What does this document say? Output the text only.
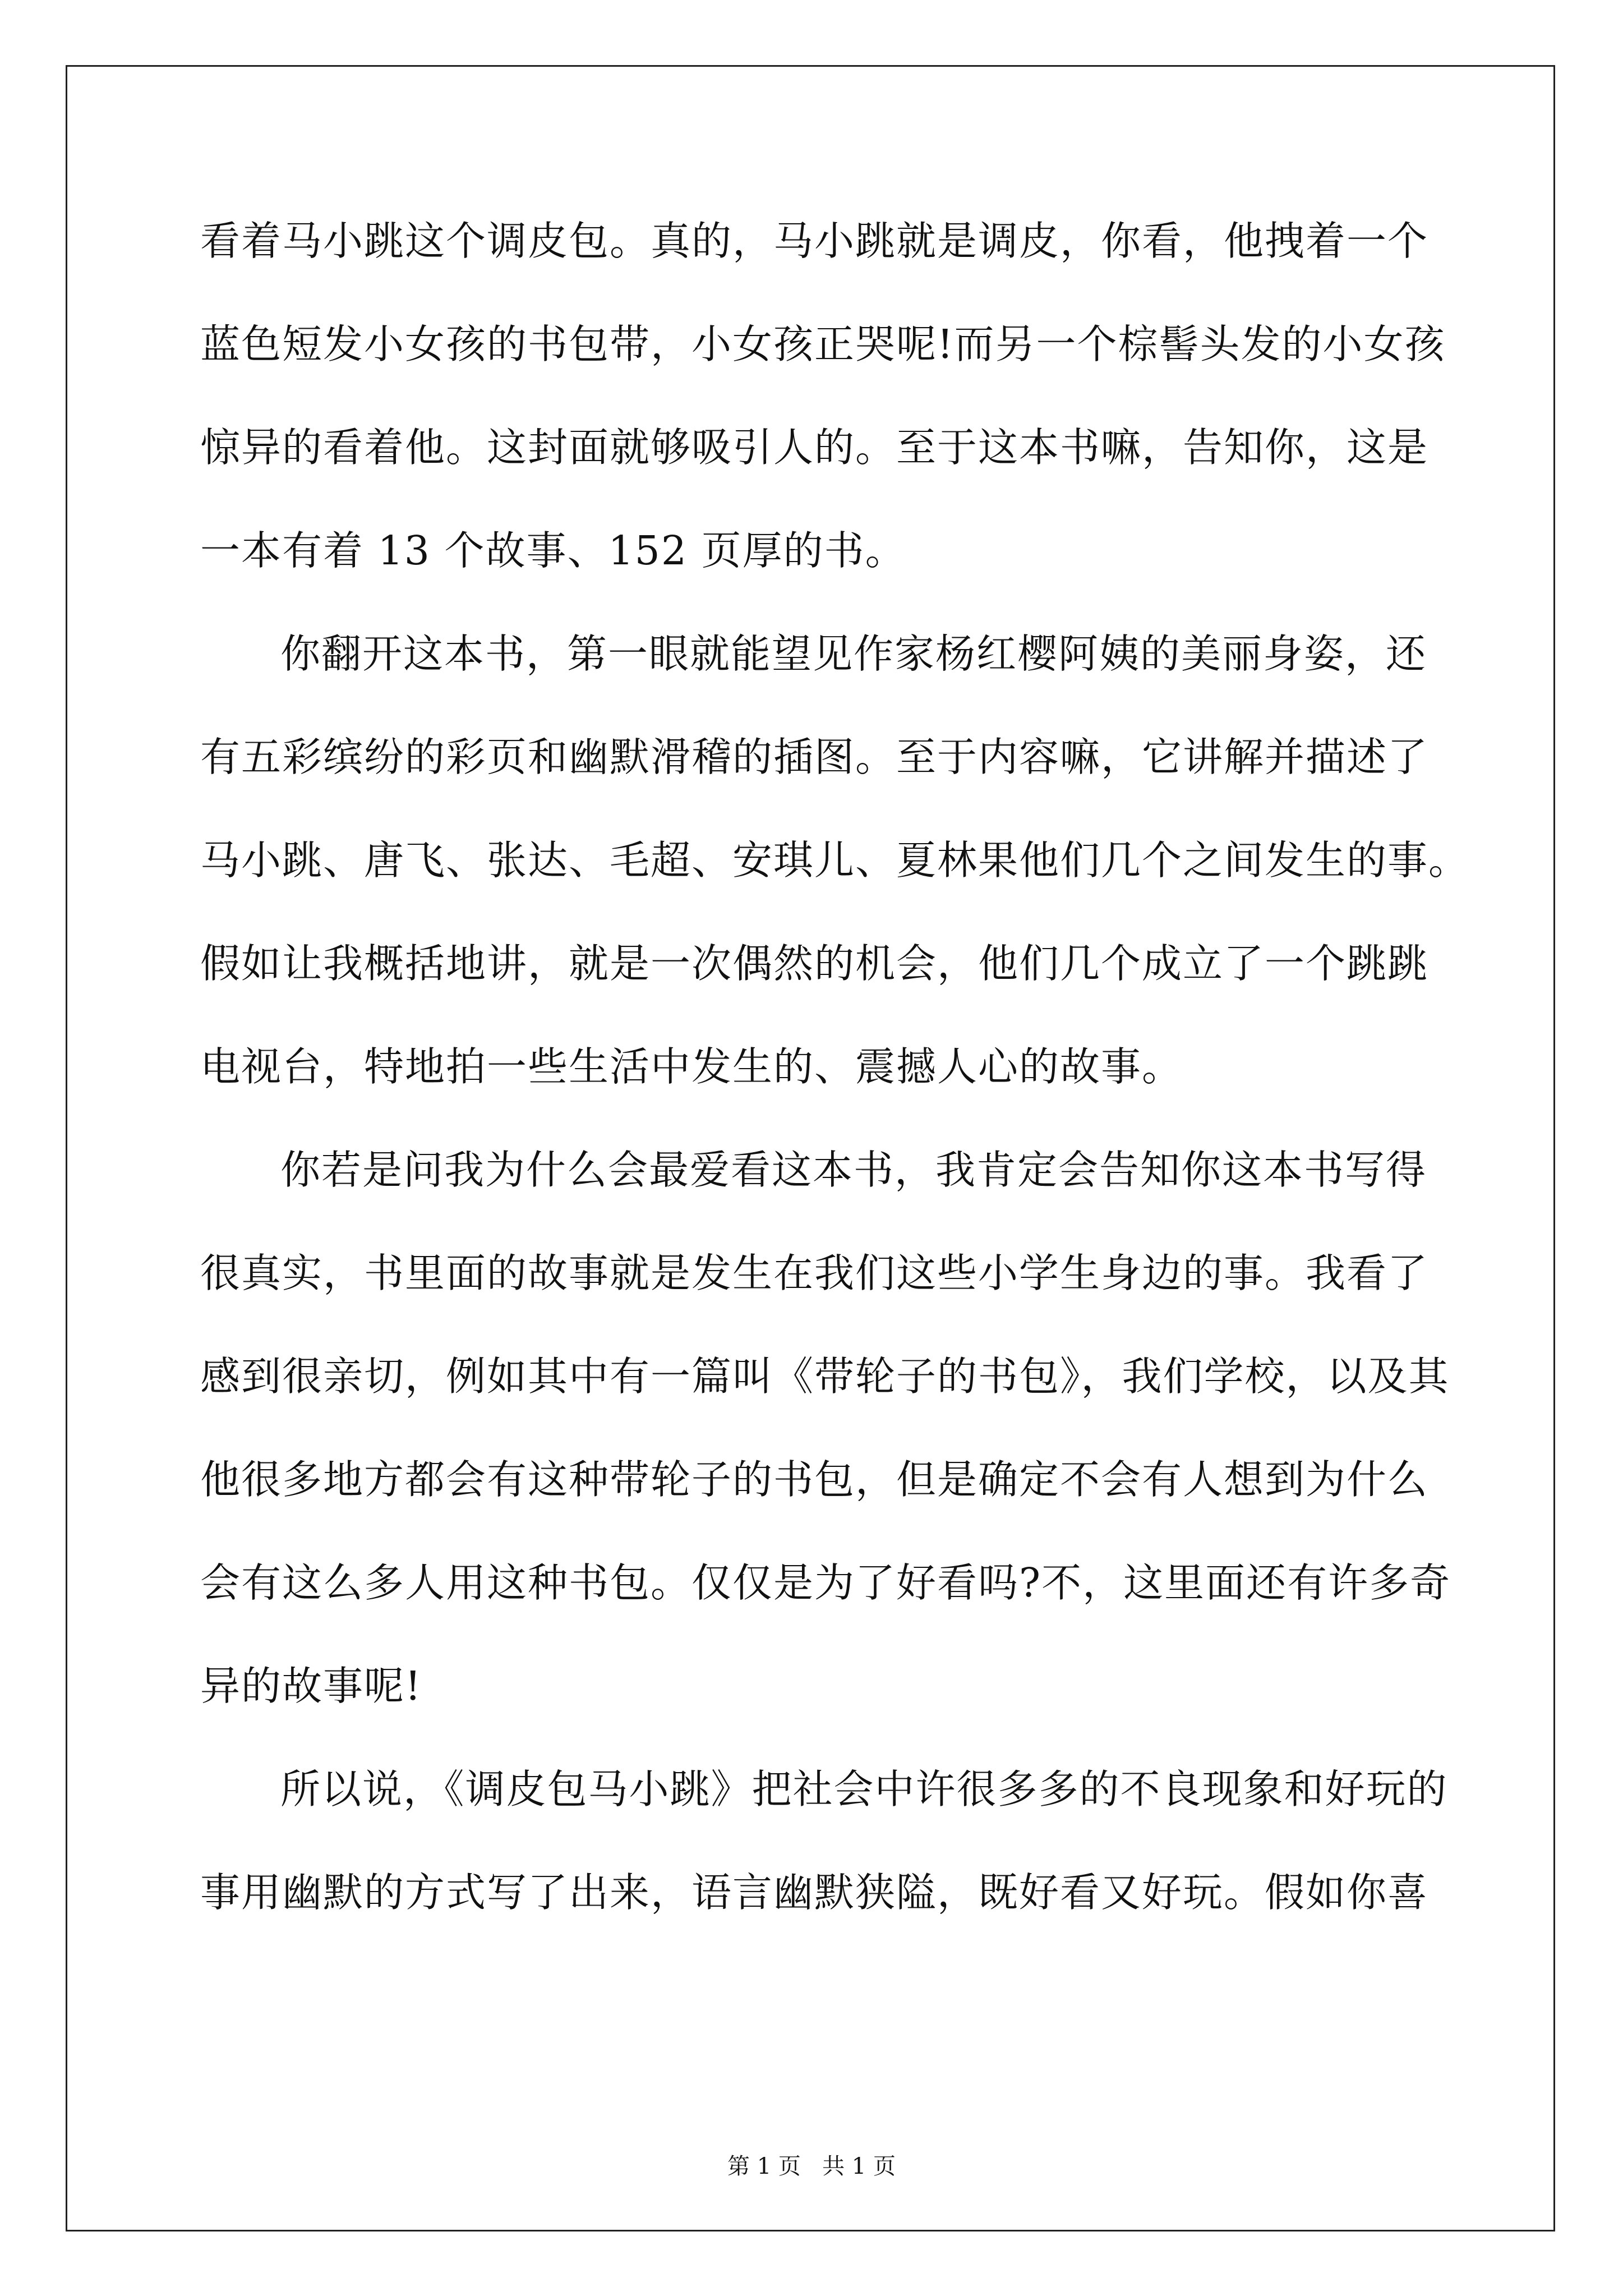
看着马小跳这个调皮包。真的，马小跳就是调皮，你看，他拽着一个
蓝色短发小女孩的书包带，小女孩正哭呢!而另一个棕髻头发的小女孩
惊异的看着他。这封面就够吸引人的。至于这本书嘛，告知你，这是
一本有着 13 个故事、152 页厚的书。
你翻开这本书，第一眼就能望见作家杨红樱阿姨的美丽身姿，还
有五彩缤纷的彩页和幽默滑稽的插图。至于内容嘛，它讲解并描述了
马小跳、唐飞、张达、毛超、安琪儿、夏林果他们几个之间发生的事。
假如让我概括地讲，就是一次偶然的机会，他们几个成立了一个跳跳
电视台，特地拍一些生活中发生的、震撼人心的故事。
你若是问我为什么会最爱看这本书，我肯定会告知你这本书写得
很真实，书里面的故事就是发生在我们这些小学生身边的事。我看了
感到很亲切，例如其中有一篇叫《带轮子的书包》，我们学校，以及其
他很多地方都会有这种带轮子的书包，但是确定不会有人想到为什么
会有这么多人用这种书包。仅仅是为了好看吗?不，这里面还有许多奇
异的故事呢!
所以说，《调皮包马小跳》把社会中许很多多的不良现象和好玩的
事用幽默的方式写了出来，语言幽默狭隘，既好看又好玩。假如你喜
第 1 页   共 1 页
